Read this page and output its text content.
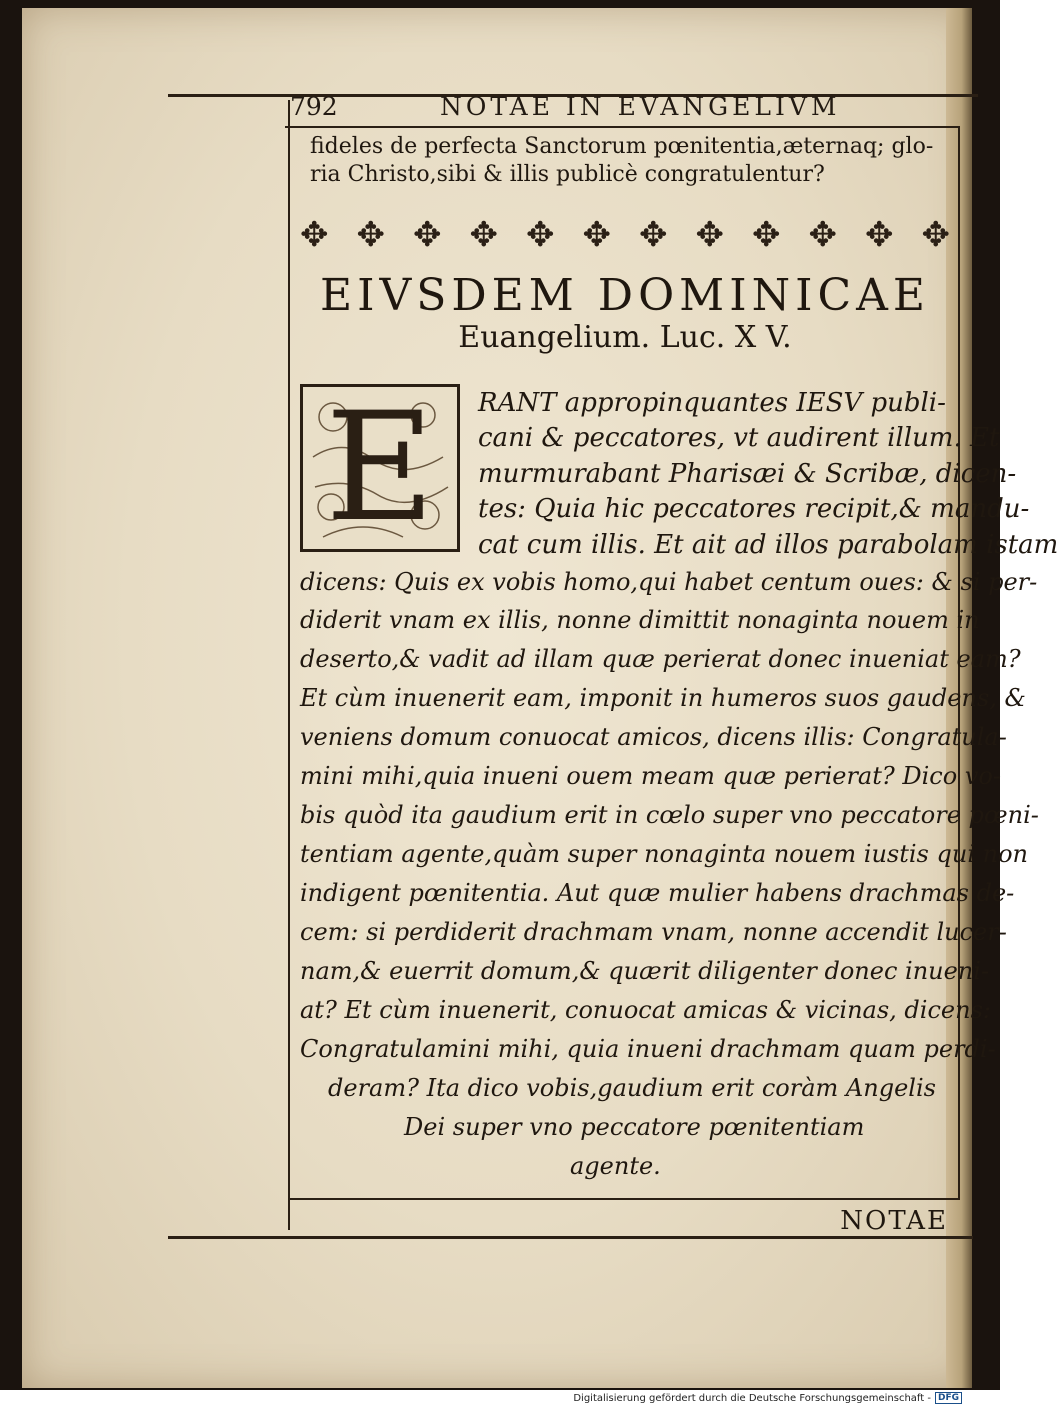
792	NOTAE IN EVANGELIVM
fideles de perfecta Sanctorum pœnitentia,æternaq; glo-
ria Christo,sibi & illis publicè congratulentur?
✥ ✥ ✥ ✥ ✥ ✥ ✥ ✥ ✥ ✥ ✥ ✥
EIVSDEM DOMINICAE
Euangelium. Luc. X V.
E	RANT appropinquantes IESV publi-
cani & peccatores, vt audirent illum. Et
murmurabant Pharisæi & Scribæ, dicen-
tes: Quia hic peccatores recipit,& mandu-
cat cum illis. Et ait ad illos parabolam istam
dicens: Quis ex vobis homo,qui habet centum oues: & si per-
diderit vnam ex illis, nonne dimittit nonaginta nouem in
deserto,& vadit ad illam quæ perierat donec inueniat eam?
Et cùm inuenerit eam, imponit in humeros suos gaudens, &
veniens domum conuocat amicos, dicens illis: Congratula-
mini mihi,quia inueni ouem meam quæ perierat? Dico vo-
bis quòd ita gaudium erit in cœlo super vno peccatore pœni-
tentiam agente,quàm super nonaginta nouem iustis qui non
indigent pœnitentia. Aut quæ mulier habens drachmas de-
cem: si perdiderit drachmam vnam, nonne accendit lucer-
nam,& euerrit domum,& quærit diligenter donec inueni-
at? Et cùm inuenerit, conuocat amicas & vicinas, dicens:
Congratulamini mihi, quia inueni drachmam quam perdi-
deram? Ita dico vobis,gaudium erit coràm Angelis
Dei super vno peccatore pœnitentiam
agente.
NOTAE
Digitalisierung gefördert durch die Deutsche Forschungsgemeinschaft - DFG
